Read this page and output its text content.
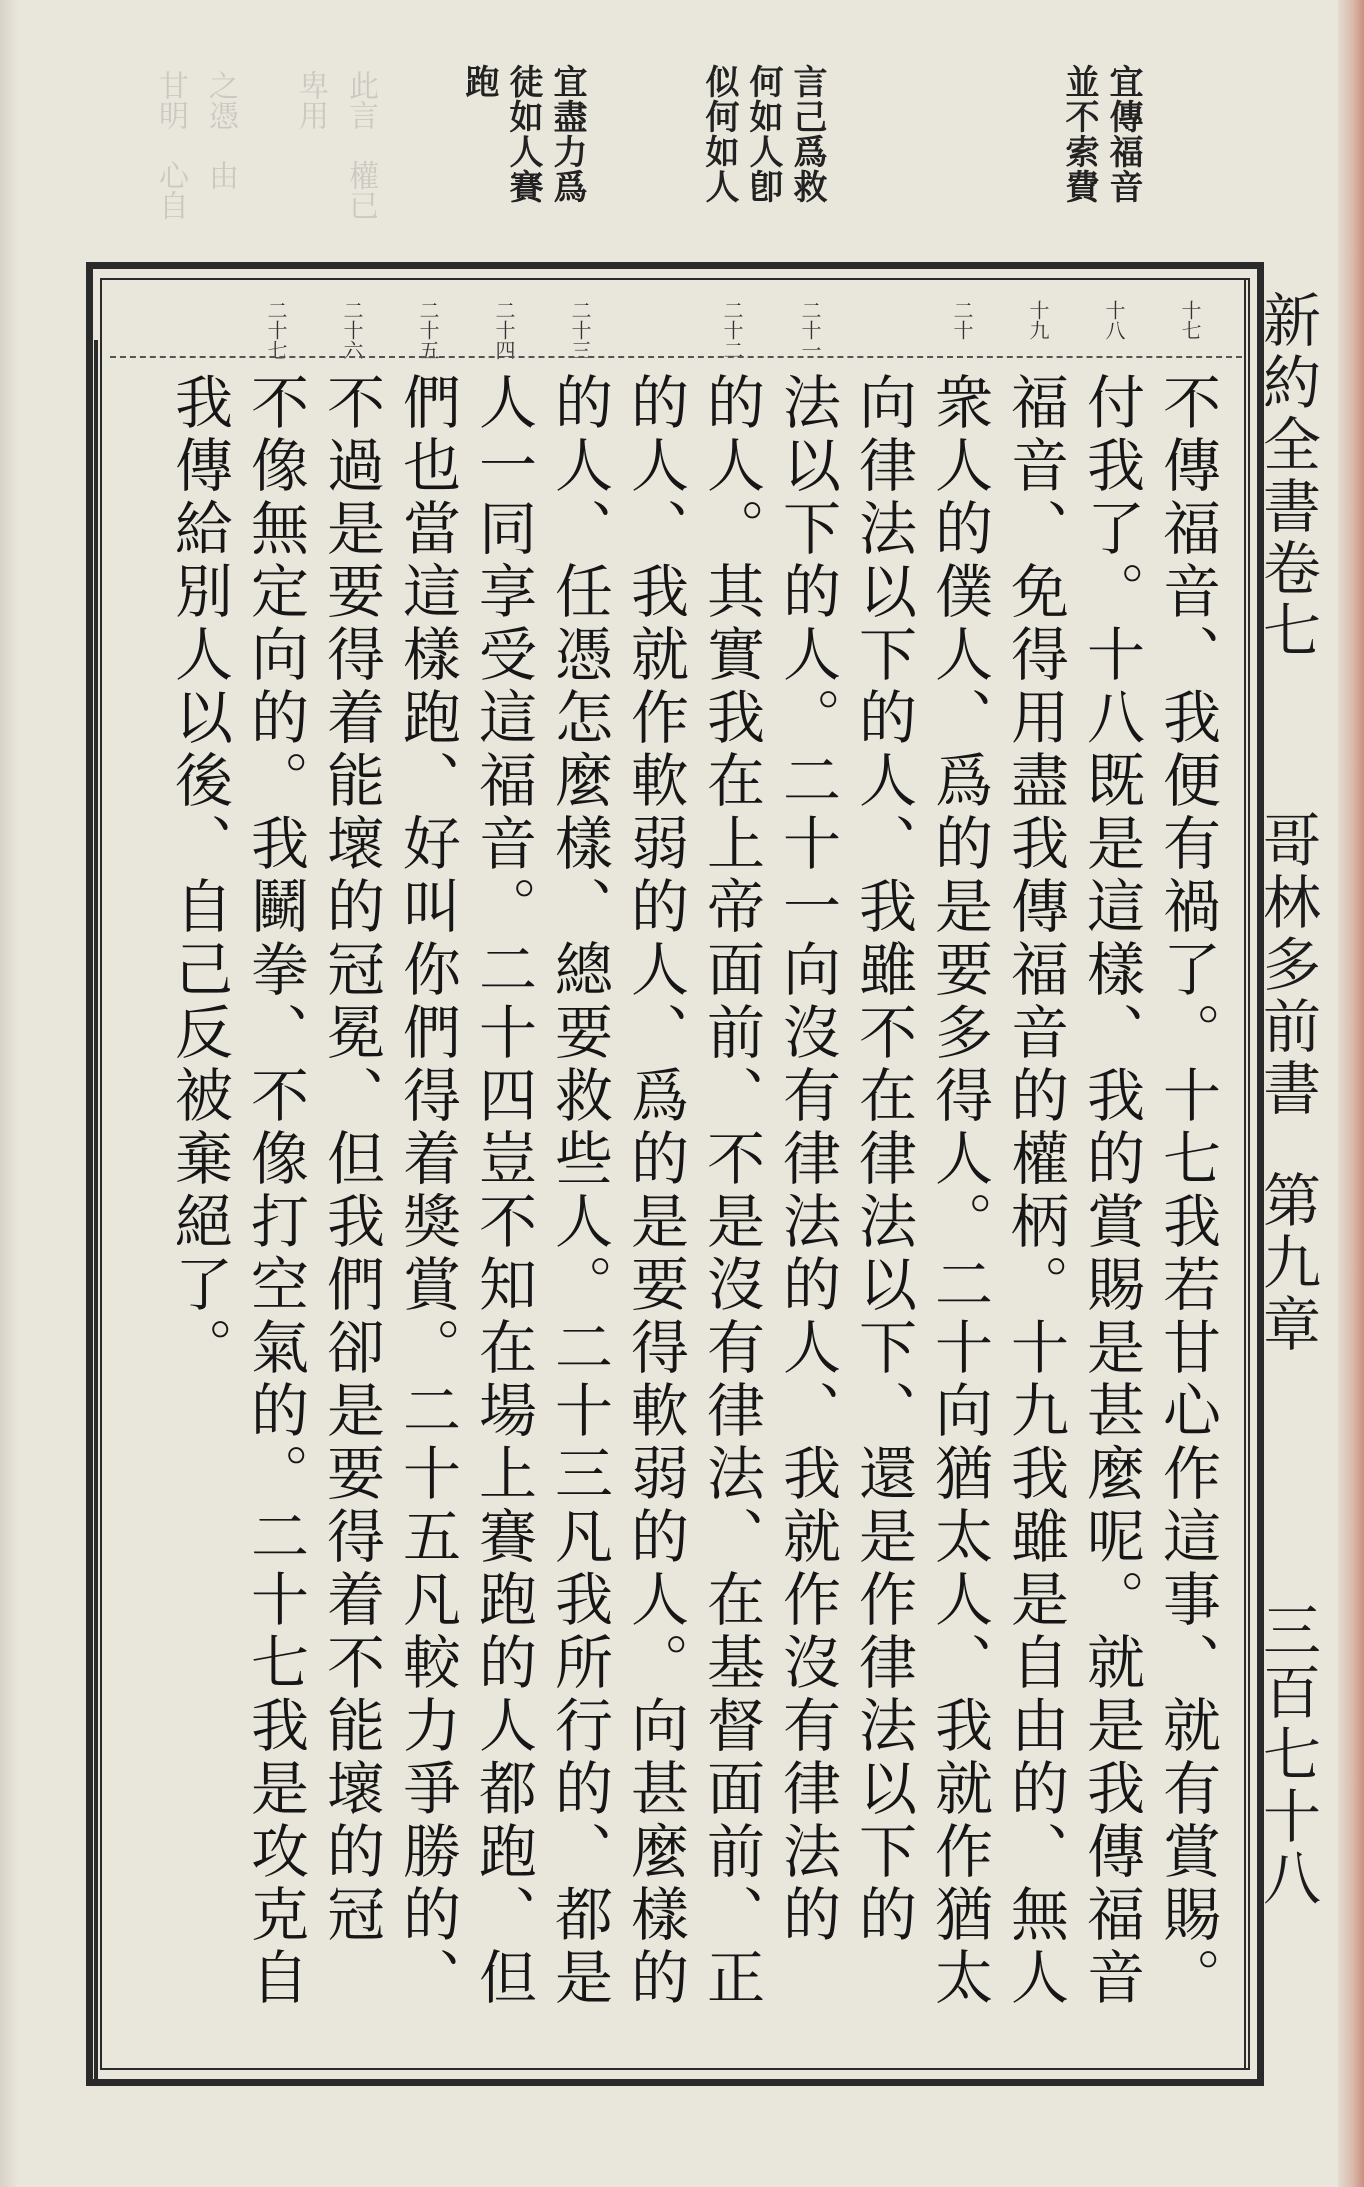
此言
權已
卑用
之憑
甘明
心自 由	宜傳福音
並不索費
言己爲救
何如人卽
似何如人
宜盡力爲
徒如人賽
跑
新約全書卷七
哥林多前書
第九章
三百七十八
十七
十八
十九
二十
二十一
二十二
二十三
二十四
二十五
二十六
二十七
不傳福音、我便有禍了。十七我若甘心作這事、就有賞賜。
付我了。十八既是這樣、我的賞賜是甚麼呢。就是我傳福音
福音、免得用盡我傳福音的權柄。十九我雖是自由的、無人
衆人的僕人、爲的是要多得人。二十向猶太人、我就作猶太
向律法以下的人、我雖不在律法以下、還是作律法以下的
法以下的人。二十一向沒有律法的人、我就作沒有律法的
的人。其實我在上帝面前、不是沒有律法、在基督面前、正
的人、我就作軟弱的人、爲的是要得軟弱的人。向甚麼樣的
的人、任憑怎麼樣、總要救些人。二十三凡我所行的、都是
人一同享受這福音。二十四豈不知在場上賽跑的人都跑、但
們也當這樣跑、好叫你們得着獎賞。二十五凡較力爭勝的、
不過是要得着能壞的冠冕、但我們卻是要得着不能壞的冠
不像無定向的。我鬭拳、不像打空氣的。二十七我是攻克自
我傳給別人以後、自己反被棄絕了。
